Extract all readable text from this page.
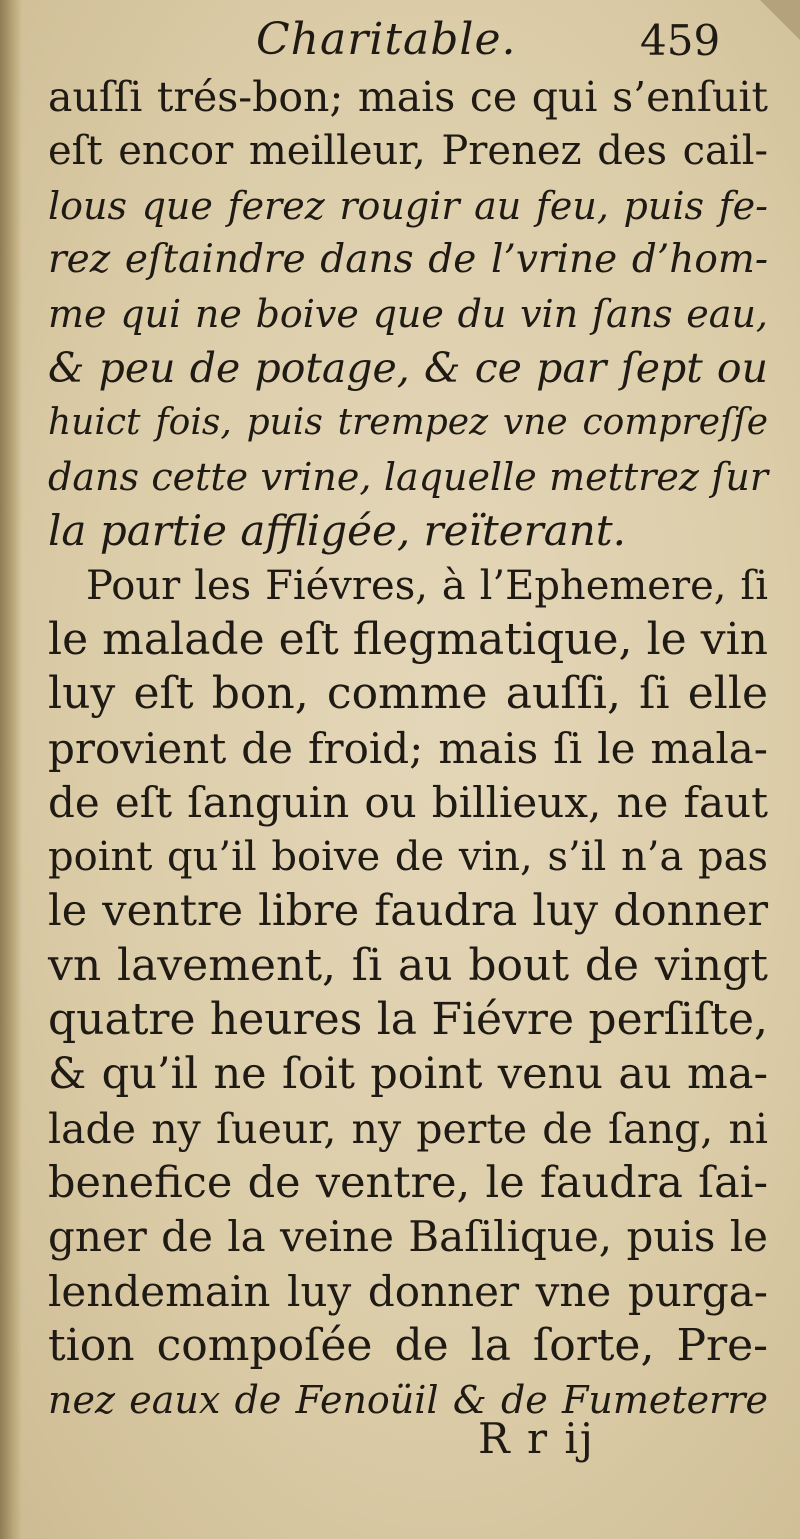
Charitable.	459
auſſi trés-bon; mais ce qui s’enſuit
eſt encor meilleur, Prenez des cail-
lous que ferez rougir au feu, puis fe-
rez eſtaindre dans de l’vrine d’hom-
me qui ne boive que du vin ſans eau,
& peu de potage, & ce par ſept ou
huict fois, puis trempez vne compreſſe
dans cette vrine, laquelle mettrez ſur
la partie affligée, reïterant.
Pour les Fiévres, à l’Ephemere, ſi
le malade eſt flegmatique, le vin
luy eſt bon, comme auſſi, ſi elle
provient de froid; mais ſi le mala-
de eſt ſanguin ou billieux, ne faut
point qu’il boive de vin, s’il n’a pas
le ventre libre faudra luy donner
vn lavement, ſi au bout de vingt
quatre heures la Fiévre perſiſte,
& qu’il ne ſoit point venu au ma-
lade ny ſueur, ny perte de ſang, ni
benefice de ventre, le faudra ſai-
gner de la veine Baſilique, puis le
lendemain luy donner vne purga-
tion compoſée de la ſorte, Pre-
nez eaux de Fenoüil & de Fumeterre
R r ij
